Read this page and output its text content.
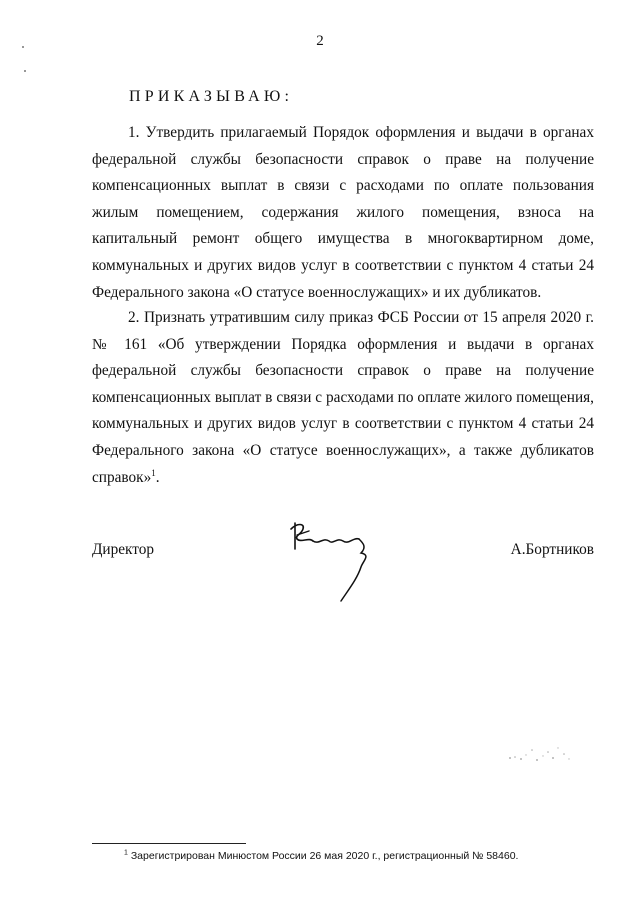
2
ПРИКАЗЫВАЮ:

1. Утвердить прилагаемый Порядок оформления и выдачи в органах федеральной службы безопасности справок о праве на получение компенсационных выплат в связи с расходами по оплате пользования жилым помещением, содержания жилого помещения, взноса на капитальный ремонт общего имущества в многоквартирном доме, коммунальных и других видов услуг в соответствии с пунктом 4 статьи 24 Федерального закона «О статусе военнослужащих» и их дубликатов.

2. Признать утратившим силу приказ ФСБ России от 15 апреля 2020 г. № 161 «Об утверждении Порядка оформления и выдачи в органах федеральной службы безопасности справок о праве на получение компенсационных выплат в связи с расходами по оплате жилого помещения, коммунальных и других видов услуг в соответствии с пунктом 4 статьи 24 Федерального закона «О статусе военнослужащих», а также дубликатов справок»$^1$.

Директор	А.Бортников
$^1$ Зарегистрирован Минюстом России 26 мая 2020 г., регистрационный № 58460.
